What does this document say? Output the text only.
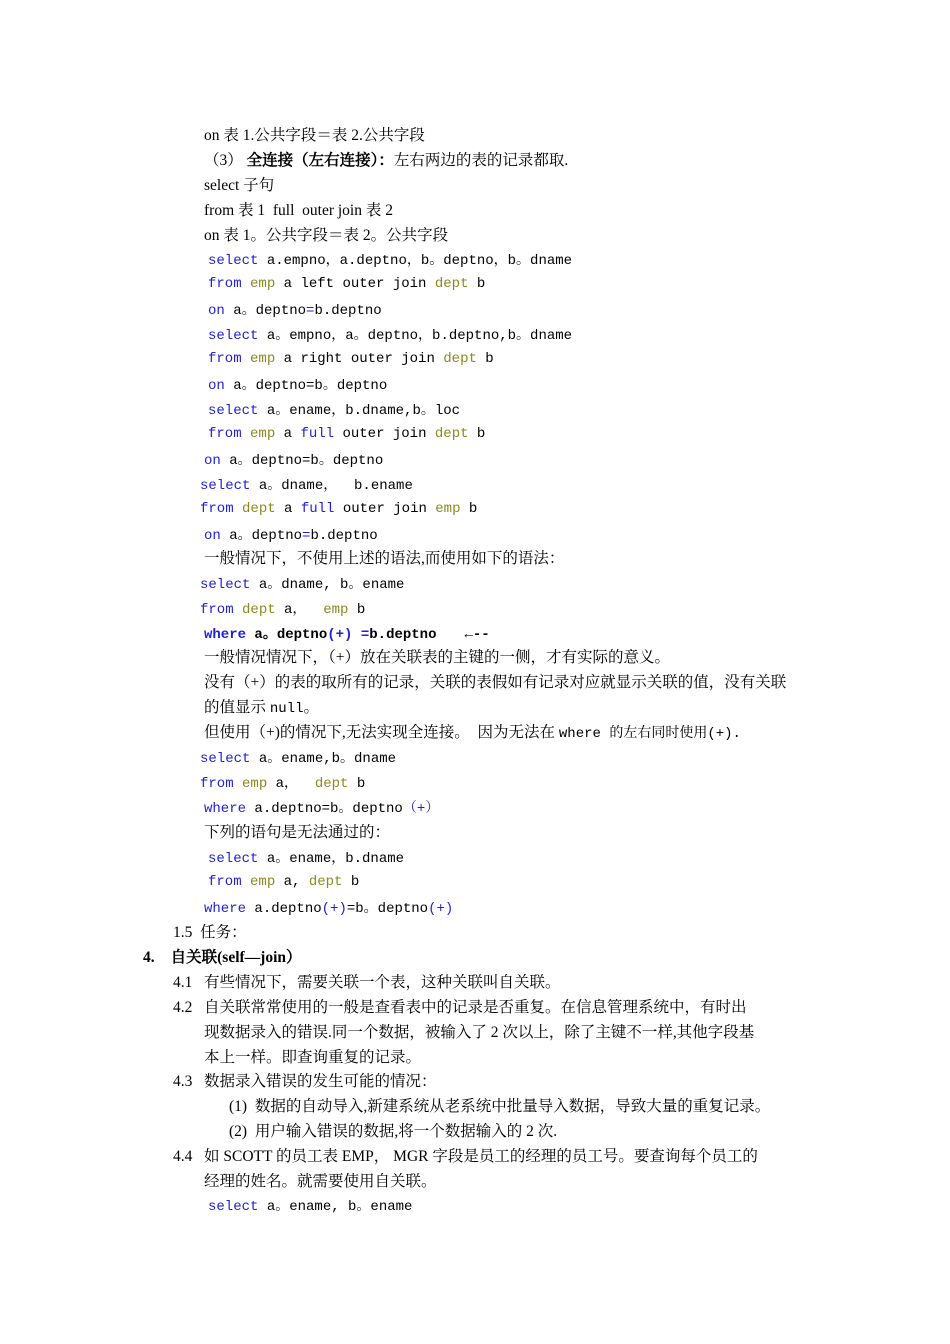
on 表 1.公共字段＝表 2.公共字段
（3） 全连接（左右连接）：左右两边的表的记录都取.
select 子句
from 表 1  full  outer join 表 2
on 表 1。公共字段＝表 2。公共字段
select a.empno，a.deptno，b。deptno，b。dname
from emp a left outer join dept b
on a。deptno=b.deptno
select a。empno，a。deptno，b.deptno,b。dname
from emp a right outer join dept b
on a。deptno=b。deptno
select a。ename，b.dname,b。loc
from emp a full outer join dept b
on a。deptno=b。deptno
select a。dname，  b.ename
from dept a full outer join emp b
on a。deptno=b.deptno
一般情况下，不使用上述的语法,而使用如下的语法：
select a。dname, b。ename
from dept a，  emp b
where a。deptno(+) =b.deptno ←--
一般情况情况下，（+）放在关联表的主键的一侧，才有实际的意义。
没有（+）的表的取所有的记录，关联的表假如有记录对应就显示关联的值，没有关联
的值显示 null。
但使用（+)的情况下,无法实现全连接。  因为无法在 where 的左右同时使用(+).
select a。ename,b。dname
from emp a，  dept b
where a.deptno=b。deptno（+）
下列的语句是无法通过的：
select a。ename，b.dname
from emp a, dept b
where a.deptno(+)=b。deptno(+)
1.5 任务：
4. 自关联(self—join）
4.1 有些情况下，需要关联一个表，这种关联叫自关联。
4.2 自关联常常使用的一般是查看表中的记录是否重复。在信息管理系统中，有时出
现数据录入的错误.同一个数据，被输入了 2 次以上，除了主键不一样,其他字段基
本上一样。即查询重复的记录。
4.3 数据录入错误的发生可能的情况：
(1) 数据的自动导入,新建系统从老系统中批量导入数据，导致大量的重复记录。
(2) 用户输入错误的数据,将一个数据输入的 2 次.
4.4 如 SCOTT 的员工表 EMP， MGR 字段是员工的经理的员工号。要查询每个员工的
经理的姓名。就需要使用自关联。
select a。ename, b。ename
